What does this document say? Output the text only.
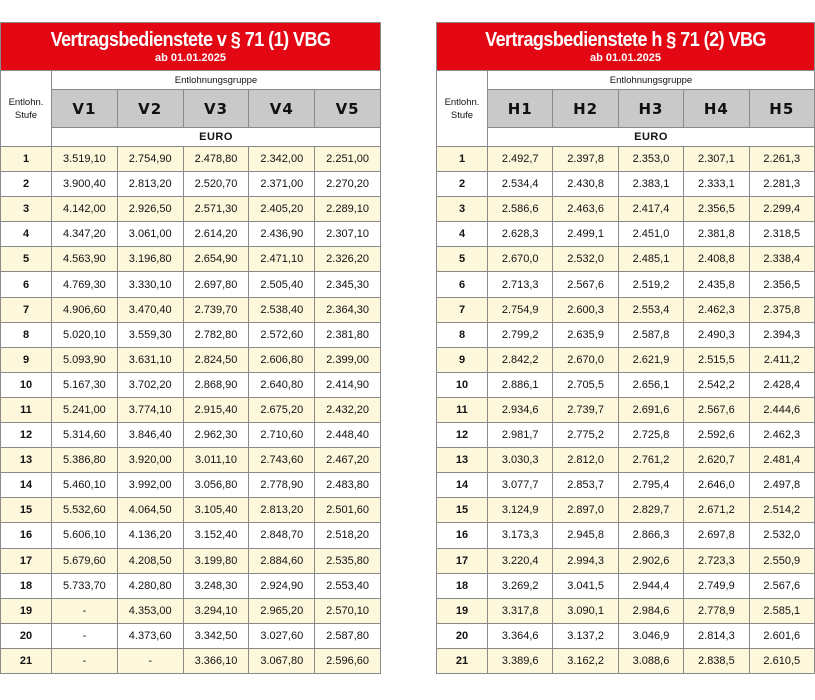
Vertragsbedienstete v § 71 (1) VBG
ab 01.01.2025					

Entlohn. Stufe	Entlohnungsgruppe				
	V1	V2	V3	V4	V5
	EURO				
1	3.519,10	2.754,90	2.478,80	2.342,00	2.251,00
2	3.900,40	2.813,20	2.520,70	2.371,00	2.270,20
3	4.142,00	2.926,50	2.571,30	2.405,20	2.289,10
4	4.347,20	3.061,00	2.614,20	2.436,90	2.307,10
5	4.563,90	3.196,80	2.654,90	2.471,10	2.326,20
6	4.769,30	3.330,10	2.697,80	2.505,40	2.345,30
7	4.906,60	3.470,40	2.739,70	2.538,40	2.364,30
8	5.020,10	3.559,30	2.782,80	2.572,60	2.381,80
9	5.093,90	3.631,10	2.824,50	2.606,80	2.399,00
10	5.167,30	3.702,20	2.868,90	2.640,80	2.414,90
11	5.241,00	3.774,10	2.915,40	2.675,20	2.432,20
12	5.314,60	3.846,40	2.962,30	2.710,60	2.448,40
13	5.386,80	3.920,00	3.011,10	2.743,60	2.467,20
14	5.460,10	3.992,00	3.056,80	2.778,90	2.483,80
15	5.532,60	4.064,50	3.105,40	2.813,20	2.501,60
16	5.606,10	4.136,20	3.152,40	2.848,70	2.518,20
17	5.679,60	4.208,50	3.199,80	2.884,60	2.535,80
18	5.733,70	4.280,80	3.248,30	2.924,90	2.553,40
19	-	4.353,00	3.294,10	2.965,20	2.570,10
20	-	4.373,60	3.342,50	3.027,60	2.587,80
21	-	-	3.366,10	3.067,80	2.596,60
Vertragsbedienstete h § 71 (2) VBG
ab 01.01.2025					

Entlohn. Stufe	Entlohnungsgruppe				
	H1	H2	H3	H4	H5
	EURO				
1	2.492,7	2.397,8	2.353,0	2.307,1	2.261,3
2	2.534,4	2.430,8	2.383,1	2.333,1	2.281,3
3	2.586,6	2.463,6	2.417,4	2.356,5	2.299,4
4	2.628,3	2.499,1	2.451,0	2.381,8	2.318,5
5	2.670,0	2.532,0	2.485,1	2.408,8	2.338,4
6	2.713,3	2.567,6	2.519,2	2.435,8	2.356,5
7	2.754,9	2.600,3	2.553,4	2.462,3	2.375,8
8	2.799,2	2.635,9	2.587,8	2.490,3	2.394,3
9	2.842,2	2.670,0	2.621,9	2.515,5	2.411,2
10	2.886,1	2.705,5	2.656,1	2.542,2	2.428,4
11	2.934,6	2.739,7	2.691,6	2.567,6	2.444,6
12	2.981,7	2.775,2	2.725,8	2.592,6	2.462,3
13	3.030,3	2.812,0	2.761,2	2.620,7	2.481,4
14	3.077,7	2.853,7	2.795,4	2.646,0	2.497,8
15	3.124,9	2.897,0	2.829,7	2.671,2	2.514,2
16	3.173,3	2.945,8	2.866,3	2.697,8	2.532,0
17	3.220,4	2.994,3	2.902,6	2.723,3	2.550,9
18	3.269,2	3.041,5	2.944,4	2.749,9	2.567,6
19	3.317,8	3.090,1	2.984,6	2.778,9	2.585,1
20	3.364,6	3.137,2	3.046,9	2.814,3	2.601,6
21	3.389,6	3.162,2	3.088,6	2.838,5	2.610,5
